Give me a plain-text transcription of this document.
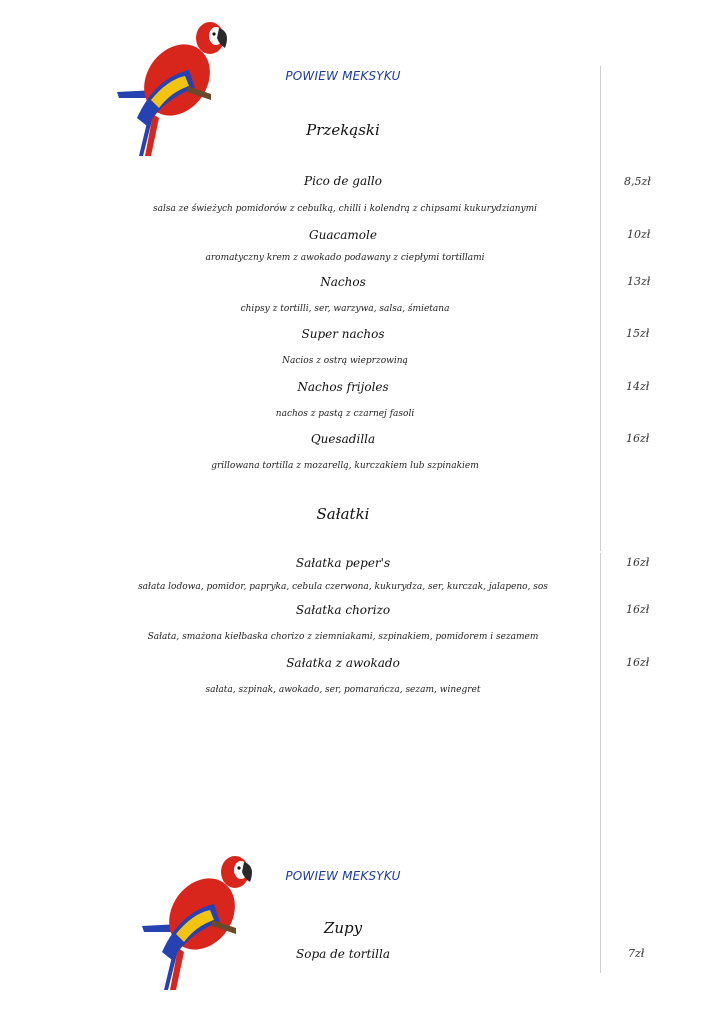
POWIEW MEKSYKU
Przekąski
Pico de gallo	8,5zł
salsa ze świeżych pomidorów z cebulką, chilli i kolendrą z chipsami kukurydzianymi
Guacamole	10zł
aromatyczny krem z awokado podawany z ciepłymi tortillami
Nachos	13zł
chipsy z tortilli, ser, warzywa, salsa, śmietana
Super nachos	15zł
Nacios z ostrą wieprzowiną
Nachos frijoles	14zł
nachos z pastą z czarnej fasoli
Quesadilla	16zł
grillowana tortilla z mozarellą, kurczakiem lub szpinakiem
Sałatki
Sałatka peper's	16zł
sałata lodowa, pomidor, papryka, cebula czerwona, kukurydza, ser, kurczak, jalapeno, sos
Sałatka chorizo	16zł
Sałata, smażona kiełbaska chorizo z ziemniakami, szpinakiem, pomidorem i sezamem
Sałatka z awokado	16zł
sałata, szpinak, awokado, ser, pomarańcza, sezam, winegret
POWIEW MEKSYKU
Zupy
Sopa de tortilla	7zł
